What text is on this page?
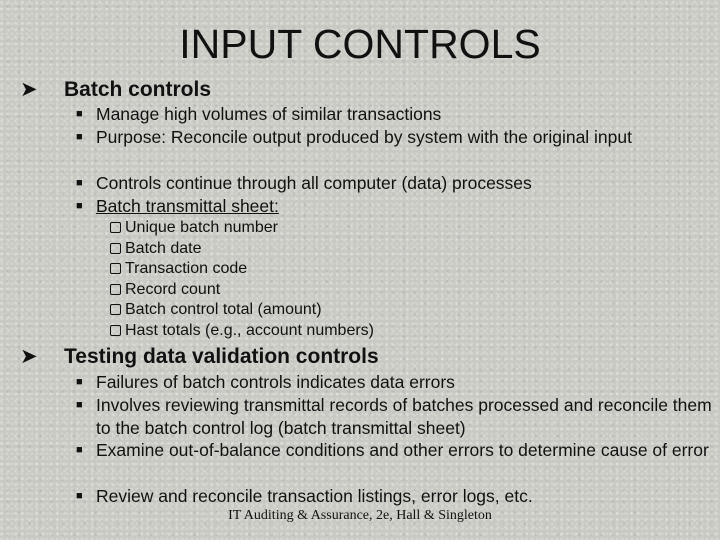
INPUT CONTROLS
➤ Batch controls
■ Manage high volumes of similar transactions
■ Purpose: Reconcile output produced by system with the original input
■ Controls continue through all computer (data) processes
■ Batch transmittal sheet:
Unique batch number
Batch date
Transaction code
Record count
Batch control total (amount)
Hast totals (e.g., account numbers)
➤ Testing data validation controls
■ Failures of batch controls indicates data errors
■ Involves reviewing transmittal records of batches processed and reconcile them to the batch control log (batch transmittal sheet)
■ Examine out-of-balance conditions and other errors to determine cause of error
■ Review and reconcile transaction listings, error logs, etc.
IT Auditing & Assurance, 2e, Hall & Singleton
